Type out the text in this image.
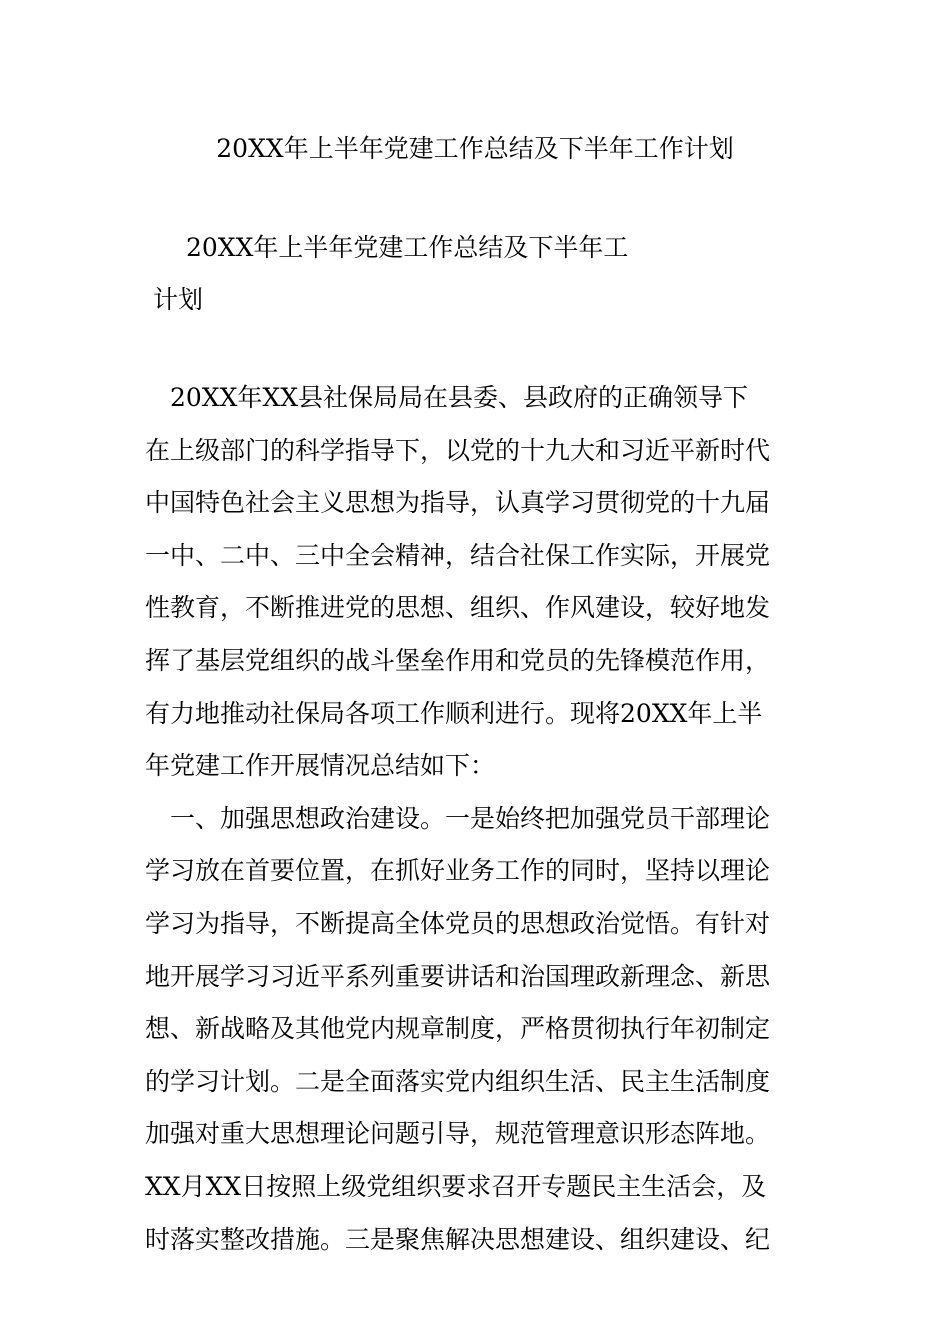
20XX年上半年党建工作总结及下半年工作计划
20XX年上半年党建工作总结及下半年工
计划
　20XX年XX县社保局局在县委、县政府的正确领导下
在上级部门的科学指导下，以党的十九大和习近平新时代
中国特色社会主义思想为指导，认真学习贯彻党的十九届
一中、二中、三中全会精神，结合社保工作实际，开展党
性教育，不断推进党的思想、组织、作风建设，较好地发
挥了基层党组织的战斗堡垒作用和党员的先锋模范作用，
有力地推动社保局各项工作顺利进行。现将20XX年上半
年党建工作开展情况总结如下：
　一、加强思想政治建设。一是始终把加强党员干部理论
学习放在首要位置，在抓好业务工作的同时，坚持以理论
学习为指导，不断提高全体党员的思想政治觉悟。有针对
地开展学习习近平系列重要讲话和治国理政新理念、新思
想、新战略及其他党内规章制度，严格贯彻执行年初制定
的学习计划。二是全面落实党内组织生活、民主生活制度
加强对重大思想理论问题引导，规范管理意识形态阵地。
XX月XX日按照上级党组织要求召开专题民主生活会，及
时落实整改措施。三是聚焦解决思想建设、组织建设、纪
